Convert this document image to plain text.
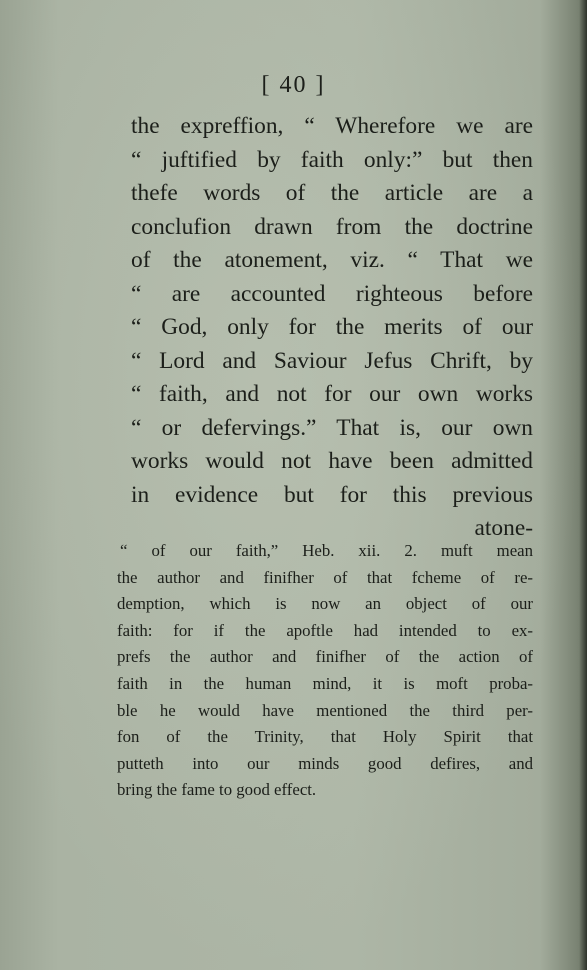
[ 40 ]
the expreffion, “ Wherefore we are
“ juftified by faith only:” but then
thefe words of the article are a
conclufion drawn from the doctrine
of the atonement, viz. “ That we
“ are accounted righteous before
“ God, only for the merits of our
“ Lord and Saviour Jefus Chrift, by
“ faith, and not for our own works
“ or defervings.” That is, our own
works would not have been admitted
in evidence but for this previous
atone-
“ of our faith,” Heb. xii. 2. muft mean
the author and finifher of that fcheme of re-
demption, which is now an object of our
faith: for if the apoftle had intended to ex-
prefs the author and finifher of the action of
faith in the human mind, it is moft proba-
ble he would have mentioned the third per-
fon of the Trinity, that Holy Spirit that
putteth into our minds good defires, and
bring the fame to good effect.
